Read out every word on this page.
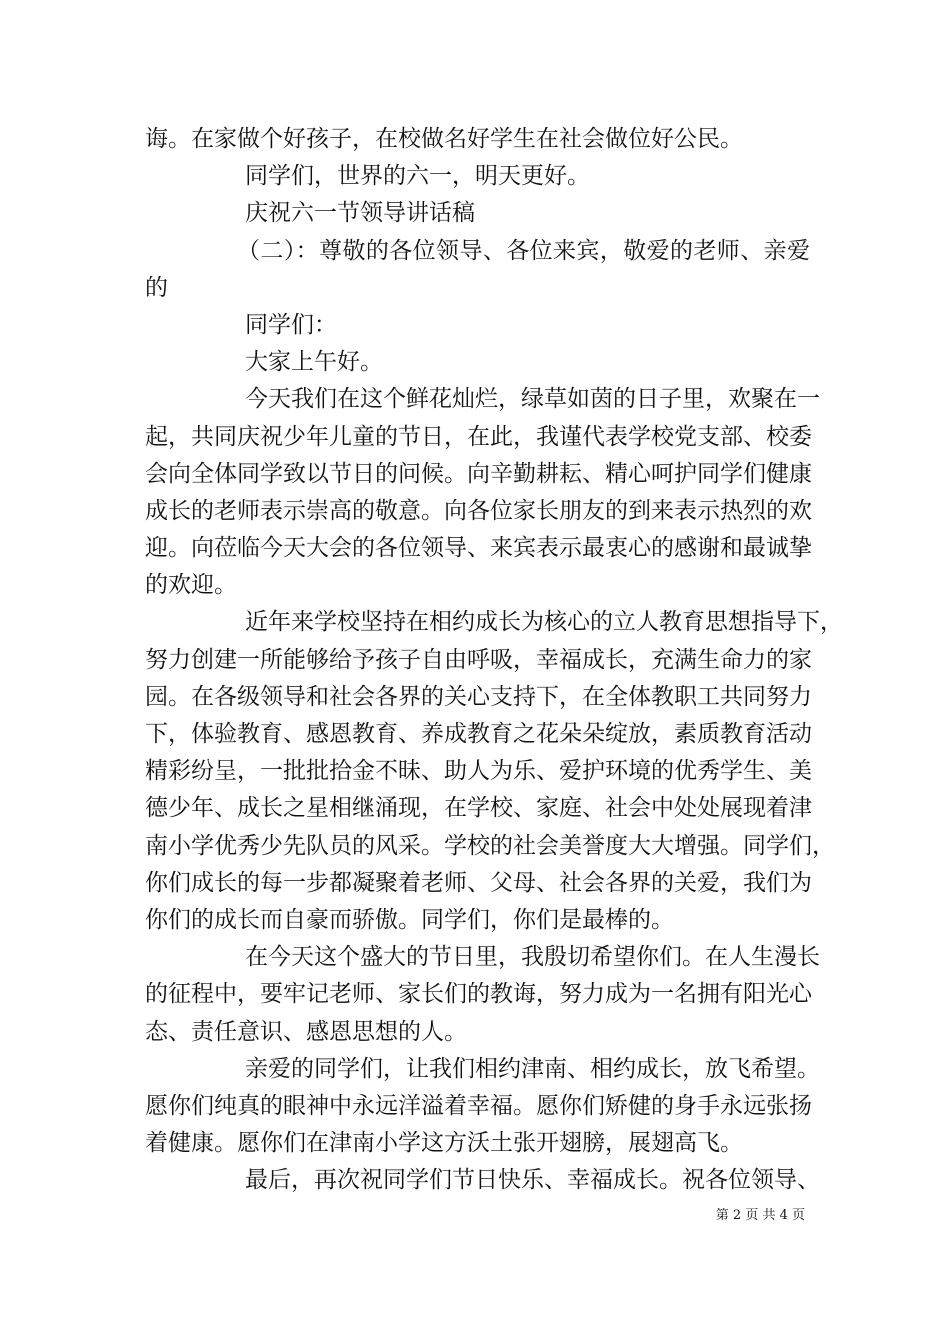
诲。在家做个好孩子，在校做名好学生在社会做位好公民。
同学们，世界的六一，明天更好。
庆祝六一节领导讲话稿
（二）：尊敬的各位领导、各位来宾，敬爱的老师、亲爱
的
同学们：
大家上午好。
今天我们在这个鲜花灿烂，绿草如茵的日子里，欢聚在一
起，共同庆祝少年儿童的节日，在此，我谨代表学校党支部、校委
会向全体同学致以节日的问候。向辛勤耕耘、精心呵护同学们健康
成长的老师表示崇高的敬意。向各位家长朋友的到来表示热烈的欢
迎。向莅临今天大会的各位领导、来宾表示最衷心的感谢和最诚挚
的欢迎。
近年来学校坚持在相约成长为核心的立人教育思想指导下，
努力创建一所能够给予孩子自由呼吸，幸福成长，充满生命力的家
园。在各级领导和社会各界的关心支持下，在全体教职工共同努力
下，体验教育、感恩教育、养成教育之花朵朵绽放，素质教育活动
精彩纷呈，一批批拾金不昧、助人为乐、爱护环境的优秀学生、美
德少年、成长之星相继涌现，在学校、家庭、社会中处处展现着津
南小学优秀少先队员的风采。学校的社会美誉度大大增强。同学们，
你们成长的每一步都凝聚着老师、父母、社会各界的关爱，我们为
你们的成长而自豪而骄傲。同学们，你们是最棒的。
在今天这个盛大的节日里，我殷切希望你们。在人生漫长
的征程中，要牢记老师、家长们的教诲，努力成为一名拥有阳光心
态、责任意识、感恩思想的人。
亲爱的同学们，让我们相约津南、相约成长，放飞希望。
愿你们纯真的眼神中永远洋溢着幸福。愿你们矫健的身手永远张扬
着健康。愿你们在津南小学这方沃土张开翅膀，展翅高飞。
最后，再次祝同学们节日快乐、幸福成长。祝各位领导、
第 2 页 共 4 页
